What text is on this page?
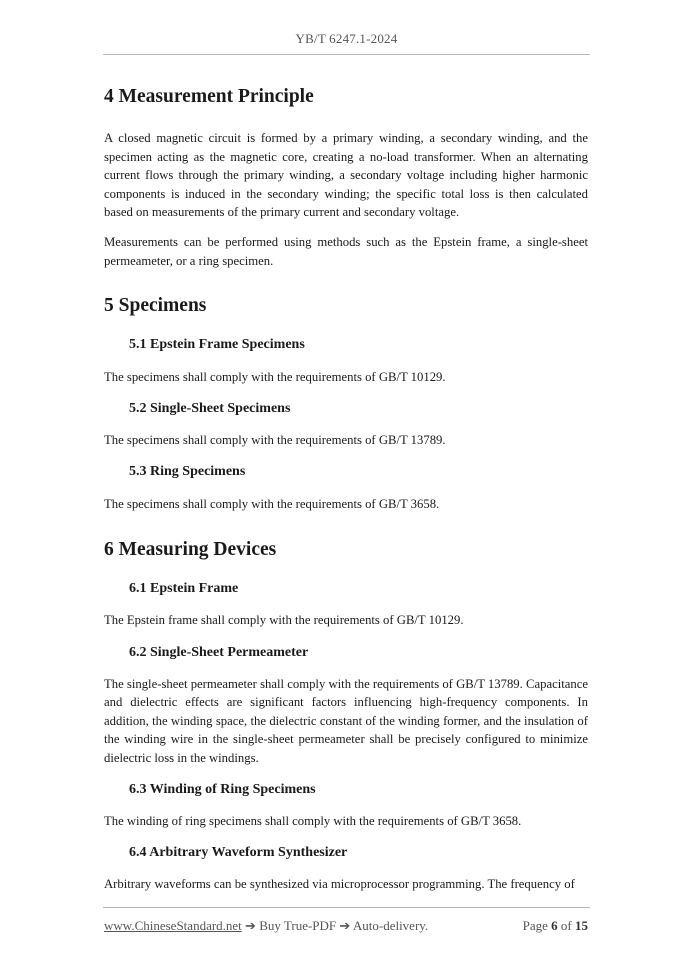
YB/T 6247.1-2024
4 Measurement Principle

A closed magnetic circuit is formed by a primary winding, a secondary winding, and the specimen acting as the magnetic core, creating a no-load transformer. When an alternating current flows through the primary winding, a secondary voltage including higher harmonic components is induced in the secondary winding; the specific total loss is then calculated based on measurements of the primary current and secondary voltage.

Measurements can be performed using methods such as the Epstein frame, a single-sheet permeameter, or a ring specimen.

5 Specimens
5.1 Epstein Frame Specimens

The specimens shall comply with the requirements of GB/T 10129.

5.2 Single-Sheet Specimens

The specimens shall comply with the requirements of GB/T 13789.

5.3 Ring Specimens

The specimens shall comply with the requirements of GB/T 3658.

6 Measuring Devices
6.1 Epstein Frame

The Epstein frame shall comply with the requirements of GB/T 10129.

6.2 Single-Sheet Permeameter

The single-sheet permeameter shall comply with the requirements of GB/T 13789. Capacitance and dielectric effects are significant factors influencing high-frequency components. In addition, the winding space, the dielectric constant of the winding former, and the insulation of the winding wire in the single-sheet permeameter shall be precisely configured to minimize dielectric loss in the windings.

6.3 Winding of Ring Specimens

The winding of ring specimens shall comply with the requirements of GB/T 3658.

6.4 Arbitrary Waveform Synthesizer

Arbitrary waveforms can be synthesized via microprocessor programming. The frequency of

www.ChineseStandard.net ➔ Buy True-PDF ➔ Auto-delivery.	Page 6 of 15
